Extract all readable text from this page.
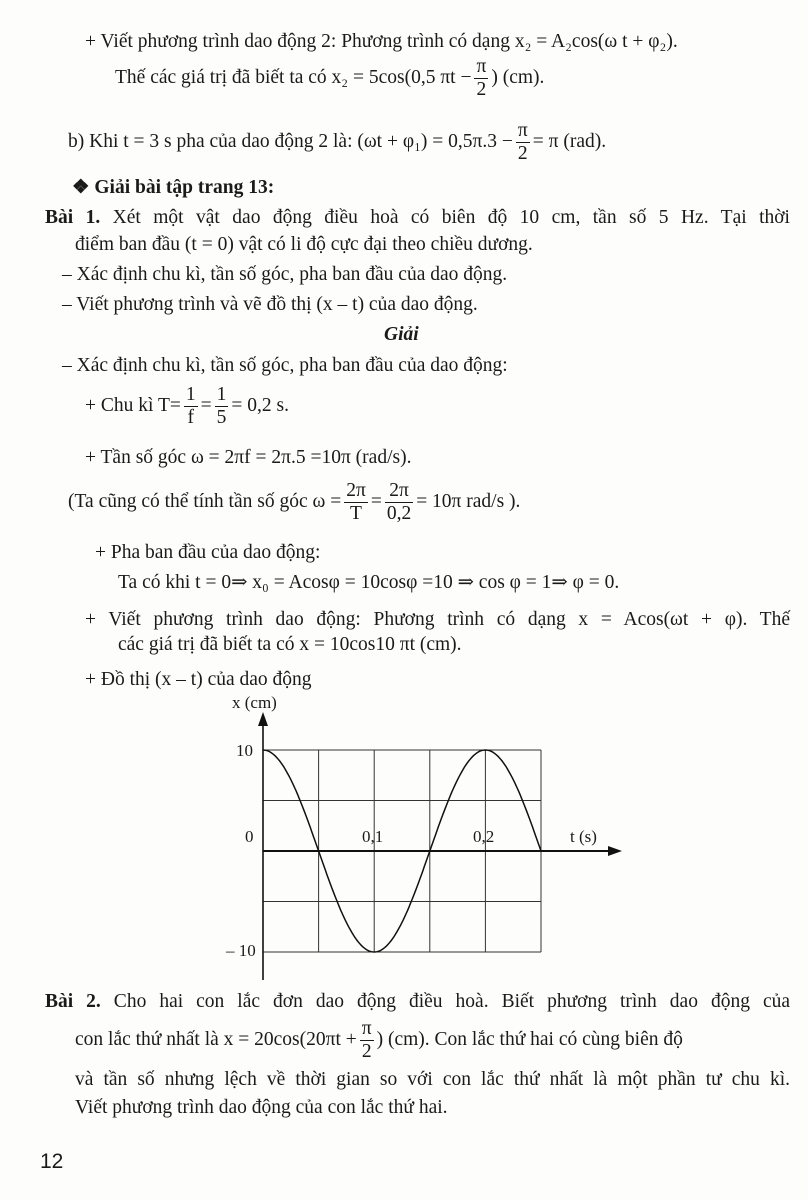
+ Viết phương trình dao động 2: Phương trình có dạng x₂ = A₂cos(ω t + φ₂).
Thế các giá trị đã biết ta có x₂ = 5cos(0,5 $\pi t - \frac{\pi}{2}$ ) (cm).
b) Khi t = 3 s pha của dao động 2 là: $(\omega t + \varphi_1) = 0,5\pi.3 - \frac{\pi}{2} = \pi$ (rad).
❖ Giải bài tập trang 13:
Bài 1. Xét một vật dao động điều hoà có biên độ 10 cm, tần số 5 Hz. Tại thời
điểm ban đầu (t = 0) vật có li độ cực đại theo chiều dương.
– Xác định chu kì, tần số góc, pha ban đầu của dao động.
– Viết phương trình và vẽ đồ thị (x – t) của dao động.
Giải
– Xác định chu kì, tần số góc, pha ban đầu của dao động:
+ Chu kì $T= \frac{1}{f} = \frac{1}{5} = 0,2$ s.
+ Tần số góc ω = 2πf = 2π.5 =10π (rad/s).
(Ta cũng có thể tính tần số góc $\omega = \frac{2\pi}{T} = \frac{2\pi}{0,2} = 10\pi$ rad/s ).
+ Pha ban đầu của dao động:
Ta có khi t = 0⇒ x₀ = Acosφ = 10cosφ =10 ⇒ cos φ = 1⇒ φ = 0.
+ Viết phương trình dao động: Phương trình có dạng x = Acos(ωt + φ). Thế
các giá trị đã biết ta có x = 10cos10 πt (cm).
+ Đồ thị (x – t) của dao động
x (cm)
t (s)
10
0
– 10
0,1	0,2
Bài 2. Cho hai con lắc đơn dao động điều hoà. Biết phương trình dao động của
con lắc thứ nhất là $x = 20\cos(20\pi t + \frac{\pi}{2}$ ) (cm). Con lắc thứ hai có cùng biên độ
và tần số nhưng lệch về thời gian so với con lắc thứ nhất là một phần tư chu kì.
Viết phương trình dao động của con lắc thứ hai.
12
